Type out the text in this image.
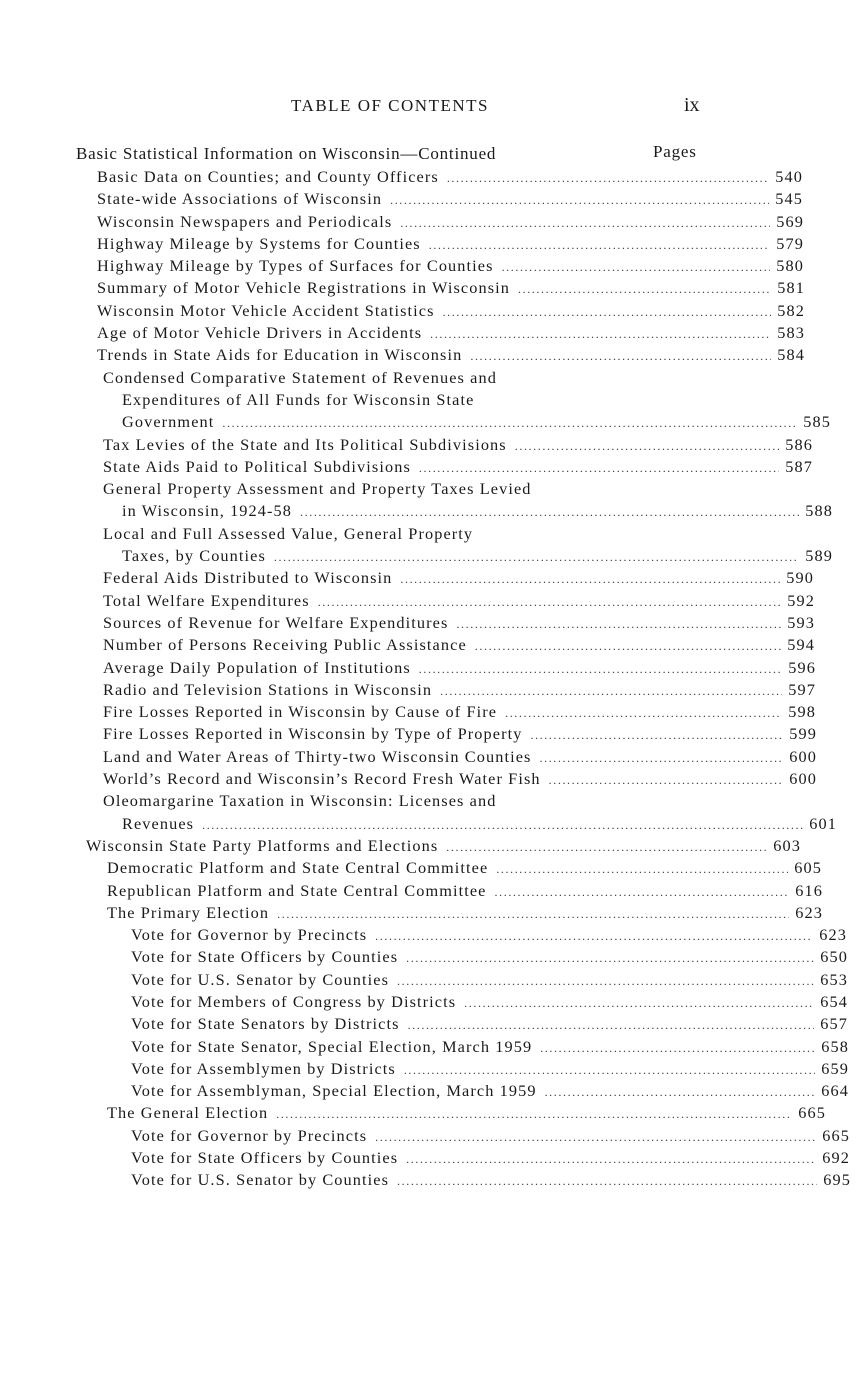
TABLE OF CONTENTS	ix
Basic Statistical Information on Wisconsin—Continued	Pages
Basic Data on Counties; and County Officers .....	540
State-wide Associations of Wisconsin .....	545
Wisconsin Newspapers and Periodicals .....	569
Highway Mileage by Systems for Counties .....	579
Highway Mileage by Types of Surfaces for Counties .....	580
Summary of Motor Vehicle Registrations in Wisconsin .....	581
Wisconsin Motor Vehicle Accident Statistics .....	582
Age of Motor Vehicle Drivers in Accidents .....	583
Trends in State Aids for Education in Wisconsin .....	584
Condensed Comparative Statement of Revenues and
Expenditures of All Funds for Wisconsin State
Government .....	585
Tax Levies of the State and Its Political Subdivisions .....	586
State Aids Paid to Political Subdivisions .....	587
General Property Assessment and Property Taxes Levied
in Wisconsin, 1924-58 .....	588
Local and Full Assessed Value, General Property
Taxes, by Counties .....	589
Federal Aids Distributed to Wisconsin .....	590
Total Welfare Expenditures .....	592
Sources of Revenue for Welfare Expenditures .....	593
Number of Persons Receiving Public Assistance .....	594
Average Daily Population of Institutions .....	596
Radio and Television Stations in Wisconsin .....	597
Fire Losses Reported in Wisconsin by Cause of Fire .....	598
Fire Losses Reported in Wisconsin by Type of Property .....	599
Land and Water Areas of Thirty-two Wisconsin Counties .....	600
World’s Record and Wisconsin’s Record Fresh Water Fish .....	600
Oleomargarine Taxation in Wisconsin: Licenses and
Revenues .....	601
Wisconsin State Party Platforms and Elections .....	603
Democratic Platform and State Central Committee .....	605
Republican Platform and State Central Committee .....	616
The Primary Election .....	623
Vote for Governor by Precincts .....	623
Vote for State Officers by Counties .....	650
Vote for U.S. Senator by Counties .....	653
Vote for Members of Congress by Districts .....	654
Vote for State Senators by Districts .....	657
Vote for State Senator, Special Election, March 1959 .....	658
Vote for Assemblymen by Districts .....	659
Vote for Assemblyman, Special Election, March 1959 .....	664
The General Election .....	665
Vote for Governor by Precincts .....	665
Vote for State Officers by Counties .....	692
Vote for U.S. Senator by Counties .....	695
